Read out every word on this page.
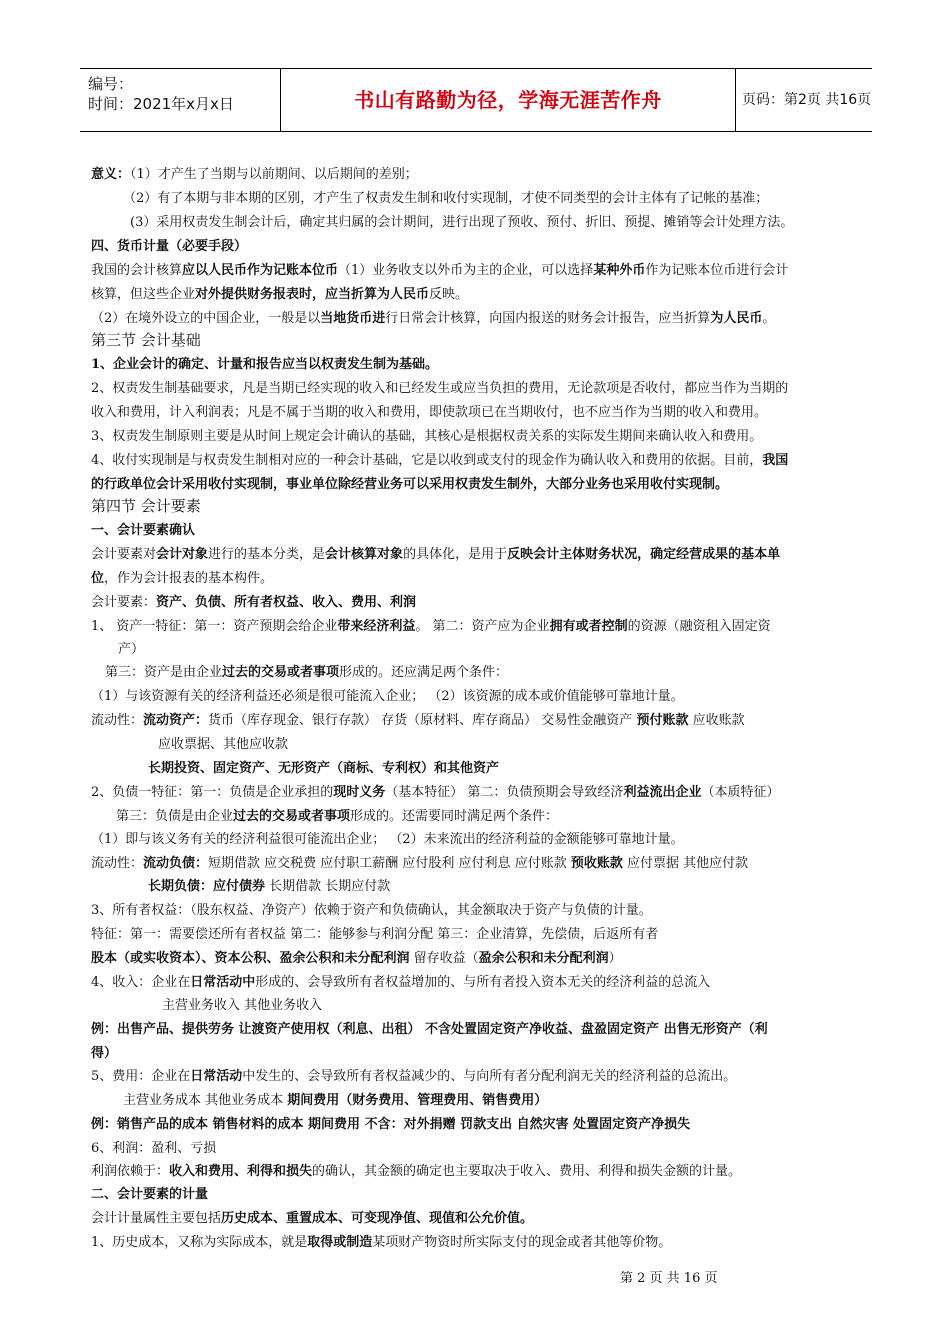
编号：
时间：2021年x月x日	书山有路勤为径，学海无涯苦作舟	页码：第2页 共16页
意义：（1）才产生了当期与以前期间、以后期间的差别；
（2）有了本期与非本期的区别，才产生了权责发生制和收付实现制，才使不同类型的会计主体有了记帐的基准；
(3）采用权责发生制会计后，确定其归属的会计期间，进行出现了预收、预付、折旧、预提、摊销等会计处理方法。
四、货币计量（必要手段）
我国的会计核算应以人民币作为记账本位币（1）业务收支以外币为主的企业，可以选择某种外币作为记账本位币进行会计
核算，但这些企业对外提供财务报表时，应当折算为人民币反映。
（2）在境外设立的中国企业，一般是以当地货币进行日常会计核算，向国内报送的财务会计报告，应当折算为人民币。
第三节 会计基础
1、企业会计的确定、计量和报告应当以权责发生制为基础。
2、权责发生制基础要求，凡是当期已经实现的收入和已经发生或应当负担的费用，无论款项是否收付，都应当作为当期的
收入和费用，计入利润表；凡是不属于当期的收入和费用，即使款项已在当期收付，也不应当作为当期的收入和费用。
3、权责发生制原则主要是从时间上规定会计确认的基础，其核心是根据权责关系的实际发生期间来确认收入和费用。
4、收付实现制是与权责发生制相对应的一种会计基础，它是以收到或支付的现金作为确认收入和费用的依据。目前，我国
的行政单位会计采用收付实现制，事业单位除经营业务可以采用权责发生制外，大部分业务也采用收付实现制。
第四节 会计要素
一、会计要素确认
会计要素对会计对象进行的基本分类，是会计核算对象的具体化，是用于反映会计主体财务状况，确定经营成果的基本单
位，作为会计报表的基本构件。
会计要素：资产、负债、所有者权益、收入、费用、利润
1、 资产一特征：第一：资产预期会给企业带来经济利益。 第二：资产应为企业拥有或者控制的资源（融资租入固定资
产）
第三：资产是由企业过去的交易或者事项形成的。还应满足两个条件：
（1）与该资源有关的经济利益还必须是很可能流入企业； （2）该资源的成本或价值能够可靠地计量。
流动性：流动资产：货币（库存现金、银行存款） 存货（原材料、库存商品） 交易性金融资产 预付账款 应收账款
应收票据、其他应收款
长期投资、固定资产、无形资产（商标、专利权）和其他资产
2、负债一特征：第一：负债是企业承担的现时义务（基本特征） 第二：负债预期会导致经济利益流出企业（本质特征）
第三：负债是由企业过去的交易或者事项形成的。还需要同时满足两个条件：
（1）即与该义务有关的经济利益很可能流出企业； （2）未来流出的经济利益的金额能够可靠地计量。
流动性：流动负债：短期借款 应交税费 应付职工薪酬 应付股利 应付利息 应付账款 预收账款 应付票据 其他应付款
长期负债：应付债券 长期借款 长期应付款
3、所有者权益：（股东权益、净资产）依赖于资产和负债确认，其金额取决于资产与负债的计量。
特征：第一：需要偿还所有者权益 第二：能够参与利润分配 第三：企业清算，先偿债，后返所有者
股本（或实收资本）、资本公积、盈余公积和未分配利润 留存收益（盈余公积和未分配利润）
4、收入：企业在日常活动中形成的、会导致所有者权益增加的、与所有者投入资本无关的经济利益的总流入
主营业务收入 其他业务收入
例：出售产品、提供劳务 让渡资产使用权（利息、出租） 不含处置固定资产净收益、盘盈固定资产 出售无形资产（利
得）
5、费用：企业在日常活动中发生的、会导致所有者权益减少的、与向所有者分配利润无关的经济利益的总流出。
主营业务成本 其他业务成本 期间费用（财务费用、管理费用、销售费用）
例：销售产品的成本 销售材料的成本 期间费用 不含：对外捐赠 罚款支出 自然灾害 处置固定资产净损失
6、利润：盈利、亏损
利润依赖于：收入和费用、利得和损失的确认，其金额的确定也主要取决于收入、费用、利得和损失金额的计量。
二、会计要素的计量
会计计量属性主要包括历史成本、重置成本、可变现净值、现值和公允价值。
1、历史成本，又称为实际成本，就是取得或制造某项财产物资时所实际支付的现金或者其他等价物。
第 2 页 共 16 页
